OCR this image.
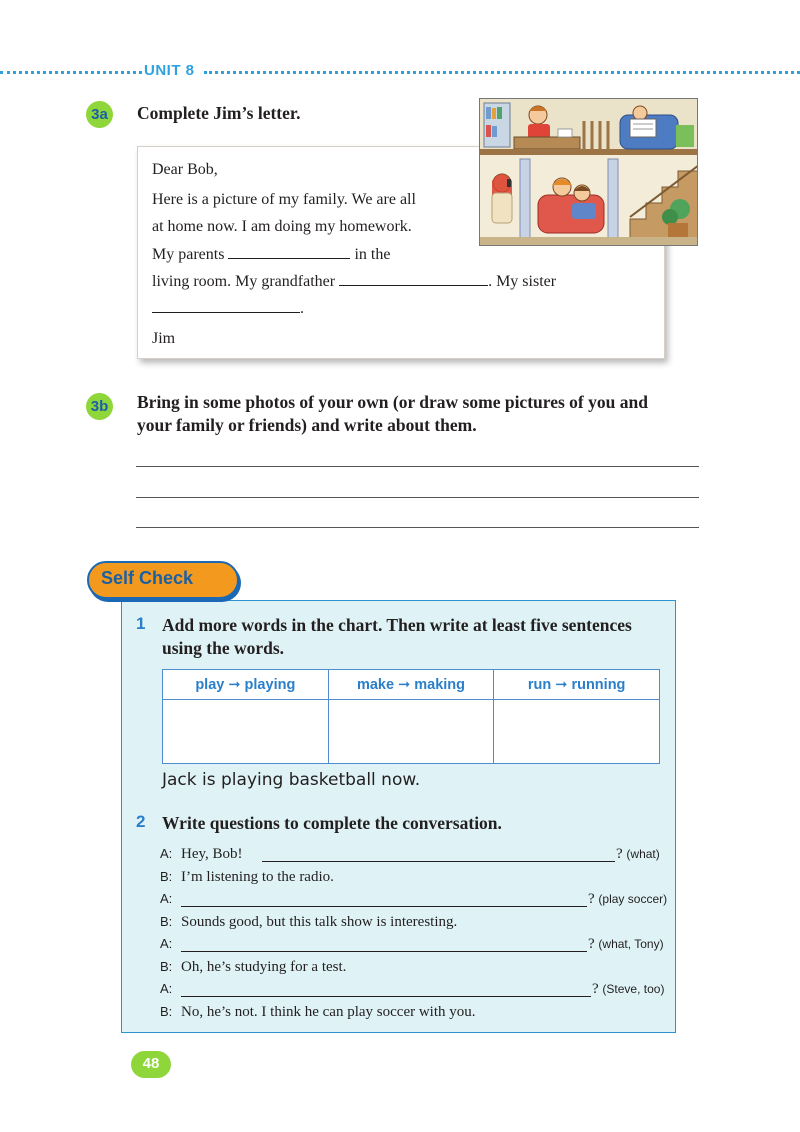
UNIT 8
3a Complete Jim’s letter.
Dear Bob,
Here is a picture of my family. We are all
at home now. I am doing my homework.
My parents	in the
living room. My grandfather	. My sister
.
Jim
3b Bring in some photos of your own (or draw some pictures of you and
your family or friends) and write about them.
Self Check
1 Add more words in the chart. Then write at least five sentences
using the words.
play ➞ playing	make ➞ making	run ➞ running

Jack is playing basketball now.
2 Write questions to complete the conversation.
A: Hey, Bob!	? (what)
B: I’m listening to the radio.
A:	? (play soccer)
B: Sounds good, but this talk show is interesting.
A:	? (what, Tony)
B: Oh, he’s studying for a test.
A:	? (Steve, too)
B: No, he’s not. I think he can play soccer with you.
48
